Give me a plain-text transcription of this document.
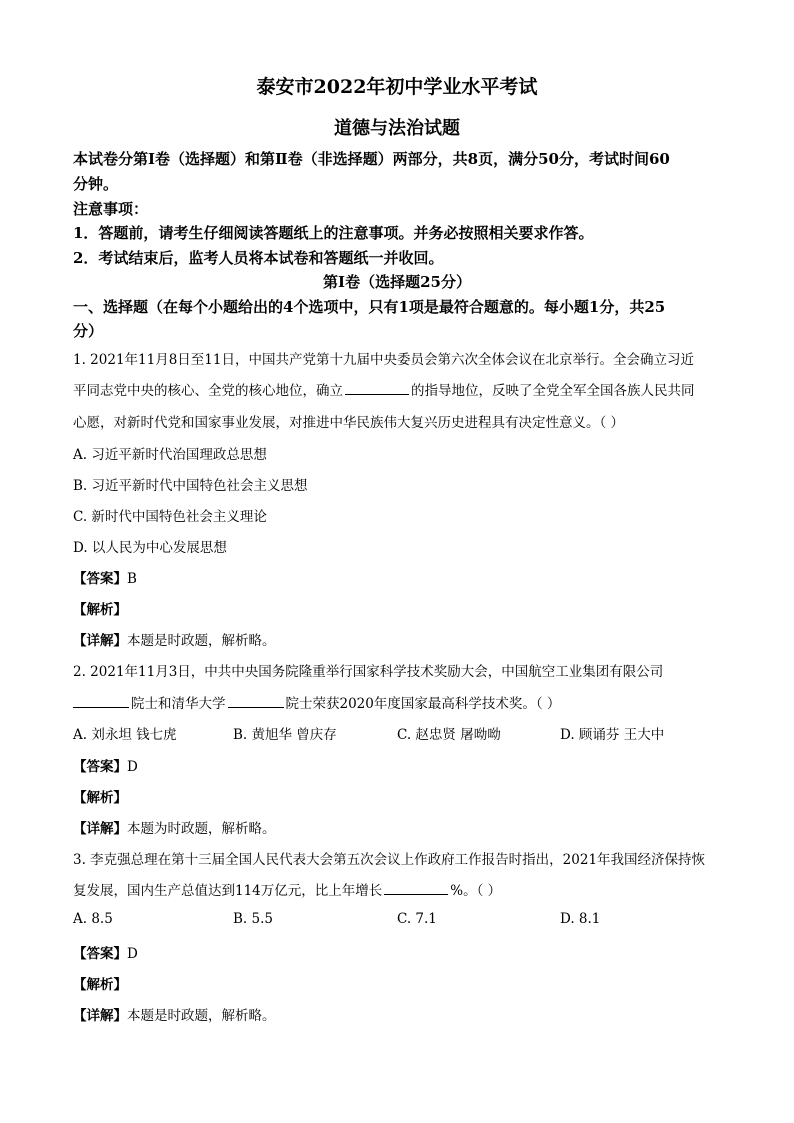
泰安市2022年初中学业水平考试
道德与法治试题
本试卷分第Ⅰ卷（选择题）和第Ⅱ卷（非选择题）两部分，共8页，满分50分，考试时间60
分钟。
注意事项：
1．答题前，请考生仔细阅读答题纸上的注意事项。并务必按照相关要求作答。
2．考试结束后，监考人员将本试卷和答题纸一并收回。
第Ⅰ卷（选择题25分）
一、选择题（在每个小题给出的4个选项中，只有1项是最符合题意的。每小题1分，共25
分）
1. 2021年11月8日至11日，中国共产党第十九届中央委员会第六次全体会议在北京举行。全会确立习近
平同志党中央的核心、全党的核心地位，确立	的指导地位，反映了全党全军全国各族人民共同
心愿，对新时代党和国家事业发展，对推进中华民族伟大复兴历史进程具有决定性意义。（ ）
A. 习近平新时代治国理政总思想
B. 习近平新时代中国特色社会主义思想
C. 新时代中国特色社会主义理论
D. 以人民为中心发展思想
【答案】B
【解析】
【详解】本题是时政题，解析略。
2. 2021年11月3日，中共中央国务院隆重举行国家科学技术奖励大会，中国航空工业集团有限公司
院士和清华大学	院士荣获2020年度国家最高科学技术奖。（ ）
A. 刘永坦 钱七虎	B. 黄旭华 曾庆存	C. 赵忠贤 屠呦呦	D. 顾诵芬 王大中
【答案】D
【解析】
【详解】本题为时政题，解析略。
3. 李克强总理在第十三届全国人民代表大会第五次会议上作政府工作报告时指出，2021年我国经济保持恢
复发展，国内生产总值达到114万亿元，比上年增长	%。（ ）
A. 8.5	B. 5.5	C. 7.1	D. 8.1
【答案】D
【解析】
【详解】本题是时政题，解析略。
